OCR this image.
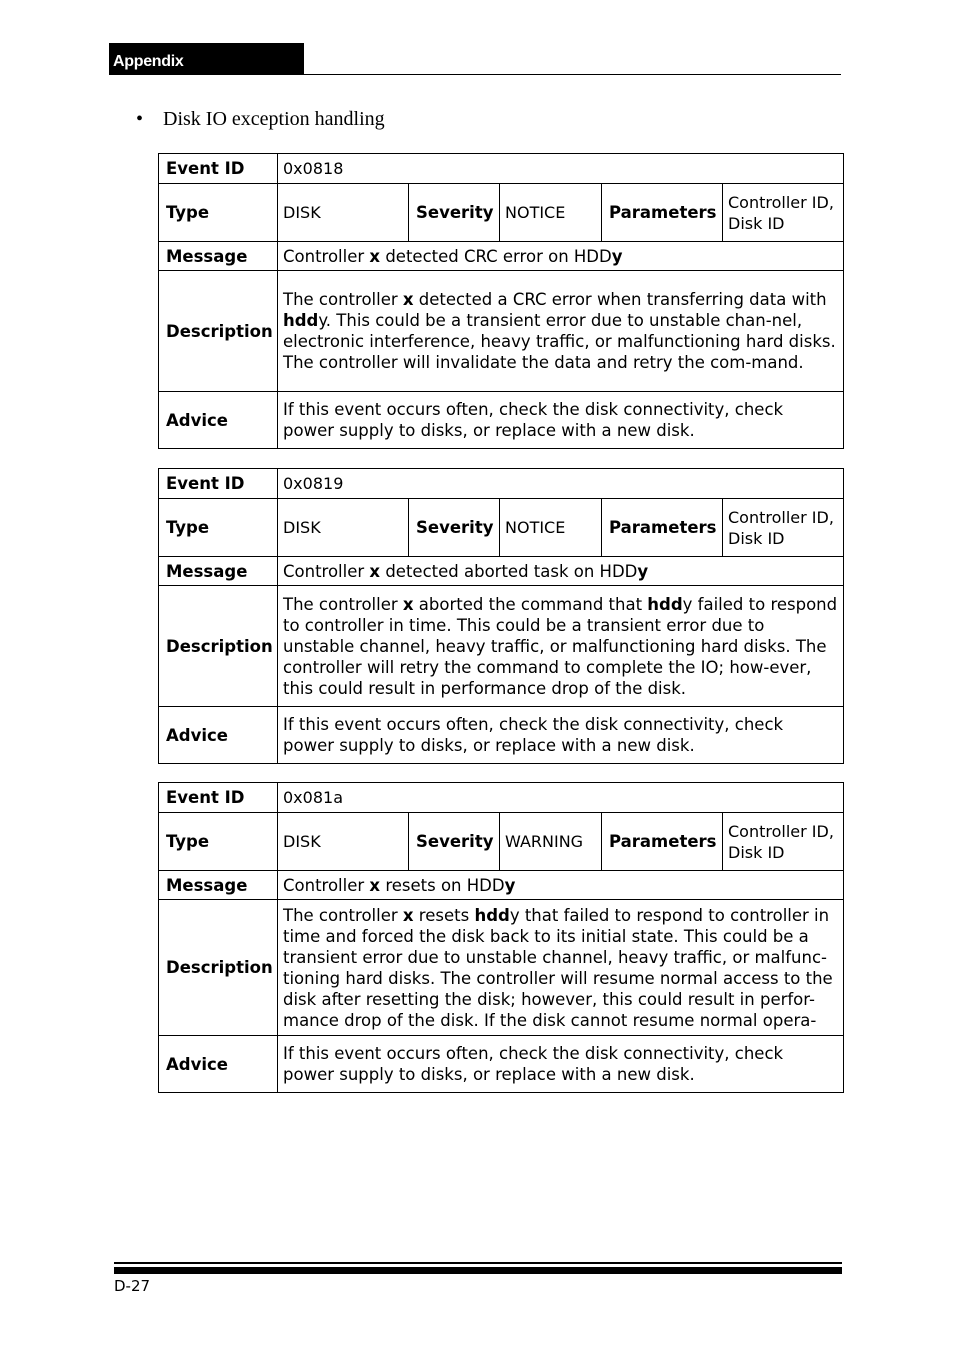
Appendix
• Disk IO exception handling
Event ID	0x0818				
Type	DISK	Severity	NOTICE	Parameters	Controller ID, Disk ID
Message	Controller x detected CRC error on HDDy				
Description	The controller x detected a CRC error when transferring data with hddy. This could be a transient error due to unstable chan-nel, electronic interference, heavy traffic, or malfunctioning hard disks. The controller will invalidate the data and retry the com-mand.				
Advice	If this event occurs often, check the disk connectivity, check power supply to disks, or replace with a new disk.				
Event ID	0x0819				
Type	DISK	Severity	NOTICE	Parameters	Controller ID, Disk ID
Message	Controller x detected aborted task on HDDy				
Description	The controller x aborted the command that hddy failed to respond to controller in time. This could be a transient error due to unstable channel, heavy traffic, or malfunctioning hard disks. The controller will retry the command to complete the IO; how-ever, this could result in performance drop of the disk.				
Advice	If this event occurs often, check the disk connectivity, check power supply to disks, or replace with a new disk.				
Event ID	0x081a				
Type	DISK	Severity	WARNING	Parameters	Controller ID, Disk ID
Message	Controller x resets on HDDy				
Description	The controller x resets hddy that failed to respond to controller in time and forced the disk back to its initial state. This could be a transient error due to unstable channel, heavy traffic, or malfunc-tioning hard disks. The controller will resume normal access to the disk after resetting the disk; however, this could result in perfor-mance drop of the disk. If the disk cannot resume normal opera-				
Advice	If this event occurs often, check the disk connectivity, check power supply to disks, or replace with a new disk.				
D-27
